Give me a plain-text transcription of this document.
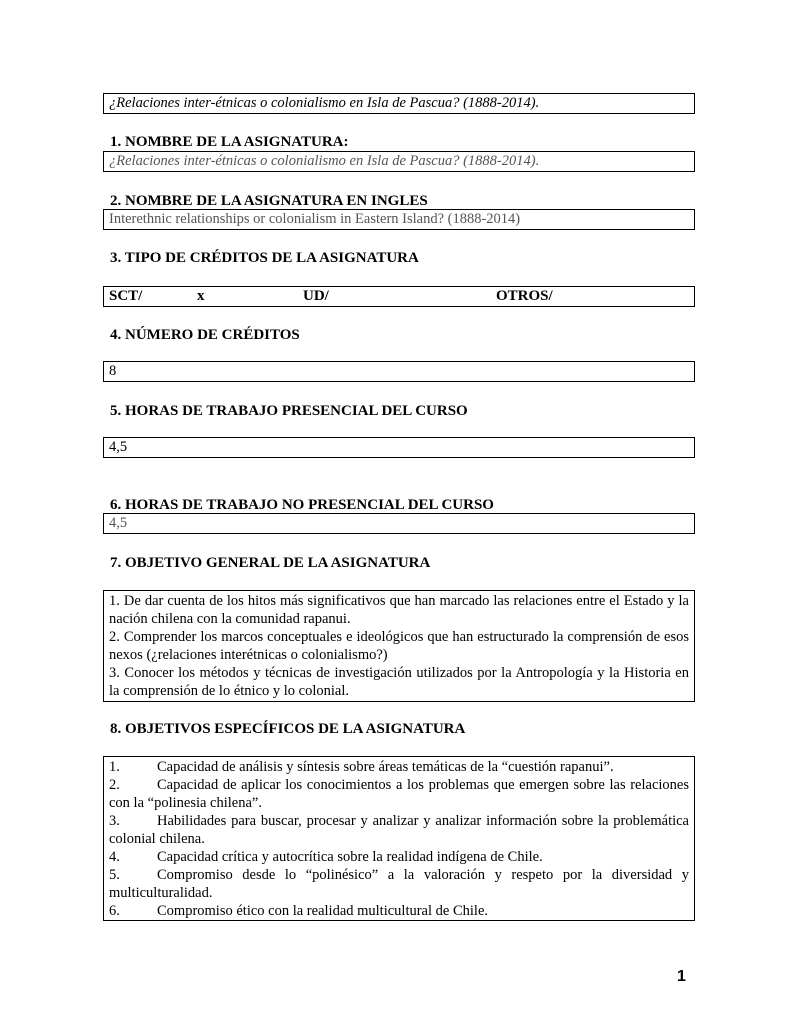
¿Relaciones inter-étnicas o colonialismo en Isla de Pascua? (1888-2014).
1. NOMBRE DE LA ASIGNATURA:
¿Relaciones inter-étnicas o colonialismo en Isla de Pascua? (1888-2014).
2. NOMBRE DE LA ASIGNATURA EN INGLES
Interethnic relationships or colonialism in Eastern Island? (1888-2014)
3. TIPO DE CRÉDITOS DE LA ASIGNATURA
SCT/	x	UD/	OTROS/
4. NÚMERO DE CRÉDITOS
8
5. HORAS DE TRABAJO PRESENCIAL DEL CURSO
4,5
6. HORAS DE TRABAJO NO PRESENCIAL DEL CURSO
4,5
7. OBJETIVO GENERAL DE LA ASIGNATURA

1. De dar cuenta de los hitos más significativos que han marcado las relaciones entre el Estado y la nación chilena con la comunidad rapanui.

2. Comprender los marcos conceptuales e ideológicos que han estructurado la comprensión de esos nexos (¿relaciones interétnicas o colonialismo?)

3. Conocer los métodos y técnicas de investigación utilizados por la Antropología y la Historia en la comprensión de lo étnico y lo colonial.

8. OBJETIVOS ESPECÍFICOS DE LA ASIGNATURA

1.	Capacidad de análisis y síntesis sobre áreas temáticas de la “cuestión rapanui”.

2.	Capacidad de aplicar los conocimientos a los problemas que emergen sobre las relaciones con la “polinesia chilena”.

3.	Habilidades para buscar, procesar y analizar y analizar información sobre la problemática colonial chilena.

4.	Capacidad crítica y autocrítica sobre la realidad indígena de Chile.

5.	Compromiso desde lo “polinésico” a la valoración y respeto por la diversidad y multiculturalidad.

6.	Compromiso ético con la realidad multicultural de Chile.

1
